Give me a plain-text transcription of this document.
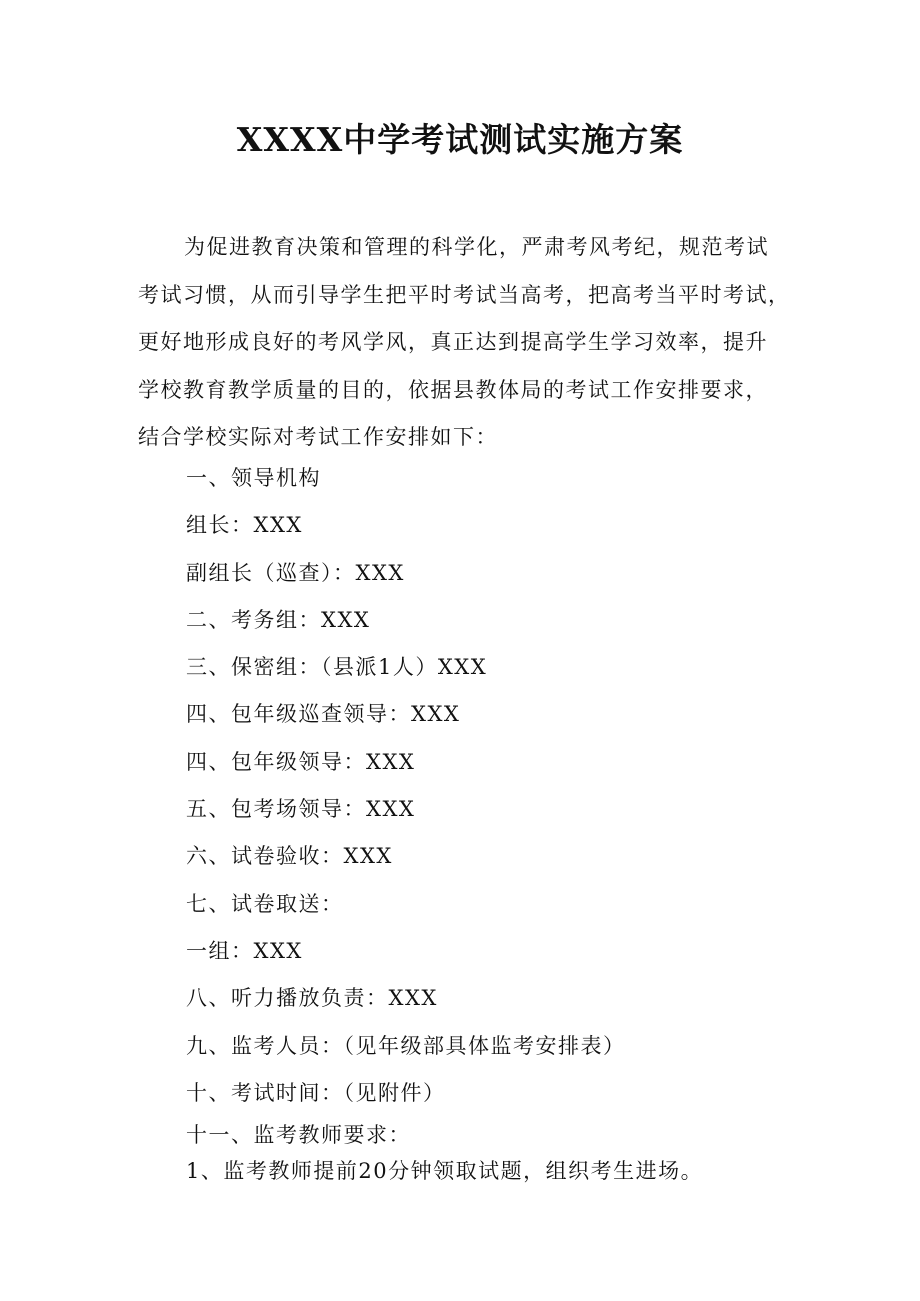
XXXX中学考试测试实施方案
为促进教育决策和管理的科学化，严肃考风考纪，规范考试
考试习惯，从而引导学生把平时考试当高考，把高考当平时考试，
更好地形成良好的考风学风，真正达到提高学生学习效率，提升
学校教育教学质量的目的，依据县教体局的考试工作安排要求，
结合学校实际对考试工作安排如下：
一、领导机构
组长：XXX
副组长（巡查）：XXX
二、考务组：XXX
三、保密组：（县派1人）XXX
四、包年级巡查领导：XXX
四、包年级领导：XXX
五、包考场领导：XXX
六、试卷验收：XXX
七、试卷取送：
一组：XXX
八、听力播放负责：XXX
九、监考人员：（见年级部具体监考安排表）
十、考试时间：（见附件）
十一、监考教师要求：
1、监考教师提前20分钟领取试题，组织考生进场。
